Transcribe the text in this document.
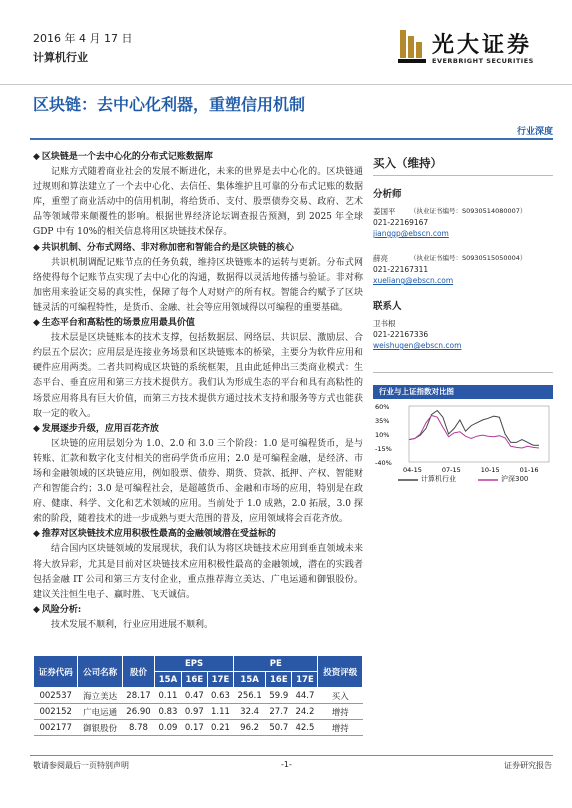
2016 年 4 月 17 日
计算机行业	光大证券
EVERBRIGHT SECURITIES
区块链：去中心化利器，重塑信用机制
行业深度

◆ 区块链是一个去中心化的分布式记账数据库

记账方式随着商业社会的发展不断进化，未来的世界是去中心化的。区块链通过规则和算法建立了一个去中心化、去信任、集体维护且可靠的分布式记账的数据库，重塑了商业活动中的信用机制，将给货币、支付、股票债券交易、政府、艺术品等领域带来颠覆性的影响。根据世界经济论坛调查报告预测，到 2025 年全球 GDP 中有 10%的相关信息将用区块链技术保存。

◆ 共识机制、分布式网络、非对称加密和智能合约是区块链的核心

共识机制调配记账节点的任务负载，维持区块链账本的运转与更新。分布式网络使得每个记账节点实现了去中心化的沟通，数据得以灵活地传播与验证。非对称加密用来验证交易的真实性，保障了每个人对财产的所有权。智能合约赋予了区块链灵活的可编程特性，是货币、金融、社会等应用领域得以可编程的重要基础。

◆ 生态平台和高粘性的场景应用最具价值

技术层是区块链账本的技术支撑，包括数据层、网络层、共识层、激励层、合约层五个层次；应用层是连接业务场景和区块链账本的桥梁，主要分为软件应用和硬件应用两类。二者共同构成区块链的系统框架，且由此延伸出三类商业模式：生态平台、垂直应用和第三方技术提供方。我们认为形成生态的平台和具有高粘性的场景应用将具有巨大价值，而第三方技术提供方通过技术支持和服务等方式也能获取一定的收入。

◆ 发展逐步升级，应用百花齐放

区块链的应用层划分为 1.0、2.0 和 3.0 三个阶段：1.0 是可编程货币，是与转账、汇款和数字化支付相关的密码学货币应用；2.0 是可编程金融，是经济、市场和金融领域的区块链应用，例如股票、债券、期货、贷款、抵押、产权、智能财产和智能合约；3.0 是可编程社会，是超越货币、金融和市场的应用，特别是在政府、健康、科学、文化和艺术领域的应用。当前处于 1.0 成熟，2.0 拓展，3.0 探索的阶段，随着技术的进一步成熟与更大范围的普及，应用领域将会百花齐放。

◆ 推荐对区块链技术应用积极性最高的金融领域潜在受益标的

结合国内区块链领域的发展现状，我们认为将区块链技术应用到垂直领域未来将大放异彩，尤其是目前对区块链技术应用积极性最高的金融领域，潜在的实践者包括金融 IT 公司和第三方支付企业，重点推荐海立美达、广电运通和御银股份。建议关注恒生电子、赢时胜、飞天诚信。

◆ 风险分析:

技术发展不顺利，行业应用进展不顺利。

证券代码	公司名称	股价	EPS			PE			投资评级
			15A	16E	17E	15A	16E	17E	
002537	海立美达	28.17	0.11	0.47	0.63	256.1	59.9	44.7	买入
002152	广电运通	26.90	0.83	0.97	1.11	32.4	27.7	24.2	增持
002177	御银股份	8.78	0.09	0.17	0.21	96.2	50.7	42.5	增持
买入（维持）
分析师
姜国平 （执业证书编号：S0930514080007）
021-22169167
jianggp@ebscn.com
薛亮	（执业证书编号：S0930515050004）
021-22167311
xueliang@ebscn.com
联系人
卫书根
021-22167336
weishugen@ebscn.com
行业与上证指数对比图
60%
35%
10%
-15%
-40%
04-15	07-15	10-15	01-16
计算机行业	沪深300
敬请参阅最后一页特别声明	-1-	证券研究报告
